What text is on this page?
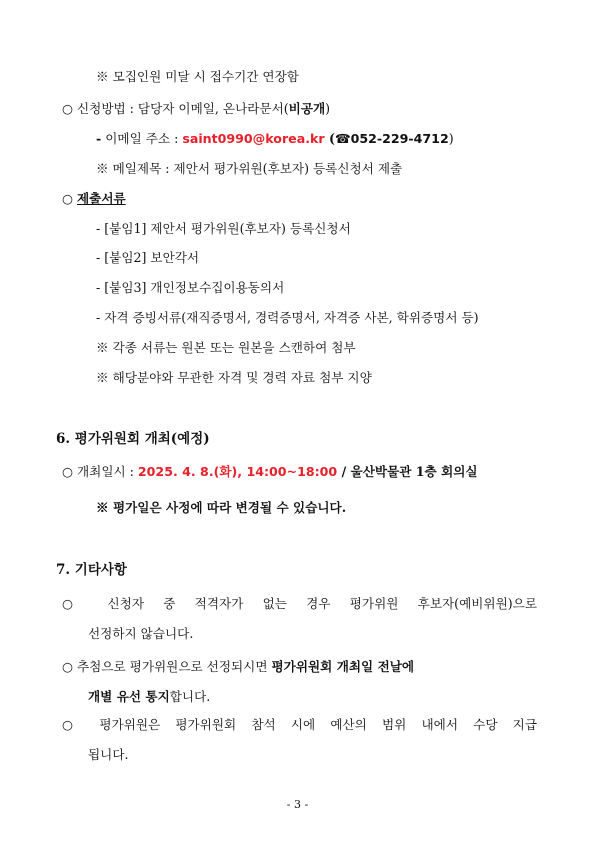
※ 모집인원 미달 시 접수기간 연장함
○ 신청방법 : 담당자 이메일, 온나라문서(비공개)
- 이메일 주소 : saint0990@korea.kr (☎052-229-4712)
※ 메일제목 : 제안서 평가위원(후보자) 등록신청서 제출
○ 제출서류
- [붙임1] 제안서 평가위원(후보자) 등록신청서
- [붙임2] 보안각서
- [붙임3] 개인정보수집이용동의서
- 자격 증빙서류(재직증명서, 경력증명서, 자격증 사본, 학위증명서 등)
※ 각종 서류는 원본 또는 원본을 스캔하여 첨부
※ 해당분야와 무관한 자격 및 경력 자료 첨부 지양
6. 평가위원회 개최(예정)
○ 개최일시 : 2025. 4. 8.(화), 14:00~18:00 / 울산박물관 1층 회의실
※ 평가일은 사정에 따라 변경될 수 있습니다.
7. 기타사항
○ 신청자 중 적격자가 없는 경우 평가위원 후보자(예비위원)으로
선정하지 않습니다.
○ 추첨으로 평가위원으로 선정되시면 평가위원회 개최일 전날에
개별 유선 통지합니다.
○ 평가위원은 평가위원회 참석 시에 예산의 범위 내에서 수당 지급
됩니다.
- 3 -
